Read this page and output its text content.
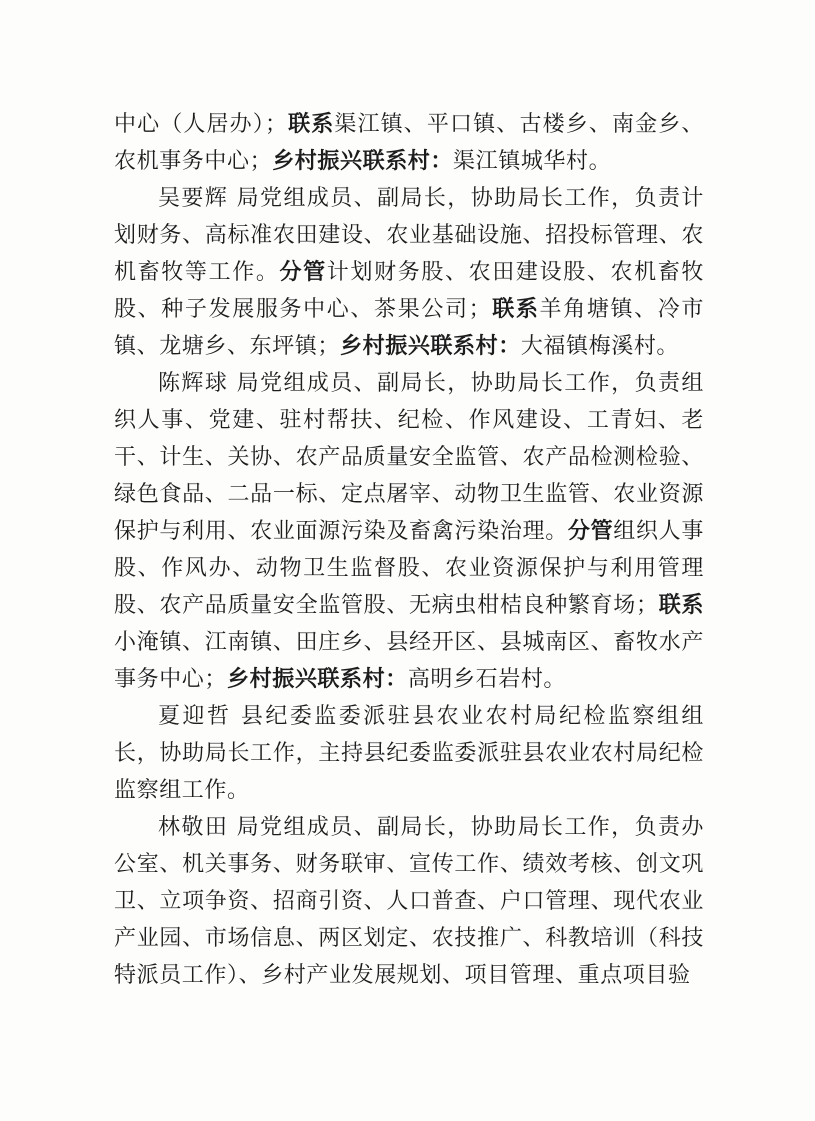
中心（人居办）；联系渠江镇、平口镇、古楼乡、南金乡、农机事务中心；乡村振兴联系村：渠江镇城华村。

吴要辉 局党组成员、副局长，协助局长工作，负责计划财务、高标准农田建设、农业基础设施、招投标管理、农机畜牧等工作。分管计划财务股、农田建设股、农机畜牧股、种子发展服务中心、茶果公司；联系羊角塘镇、冷市镇、龙塘乡、东坪镇；乡村振兴联系村：大福镇梅溪村。

陈辉球 局党组成员、副局长，协助局长工作，负责组织人事、党建、驻村帮扶、纪检、作风建设、工青妇、老干、计生、关协、农产品质量安全监管、农产品检测检验、绿色食品、二品一标、定点屠宰、动物卫生监管、农业资源保护与利用、农业面源污染及畜禽污染治理。分管组织人事股、作风办、动物卫生监督股、农业资源保护与利用管理股、农产品质量安全监管股、无病虫柑桔良种繁育场；联系小淹镇、江南镇、田庄乡、县经开区、县城南区、畜牧水产事务中心；乡村振兴联系村：高明乡石岩村。

夏迎哲 县纪委监委派驻县农业农村局纪检监察组组长，协助局长工作，主持县纪委监委派驻县农业农村局纪检监察组工作。

林敬田 局党组成员、副局长，协助局长工作，负责办公室、机关事务、财务联审、宣传工作、绩效考核、创文巩卫、立项争资、招商引资、人口普查、户口管理、现代农业产业园、市场信息、两区划定、农技推广、科教培训（科技特派员工作）、乡村产业发展规划、项目管理、重点项目验
